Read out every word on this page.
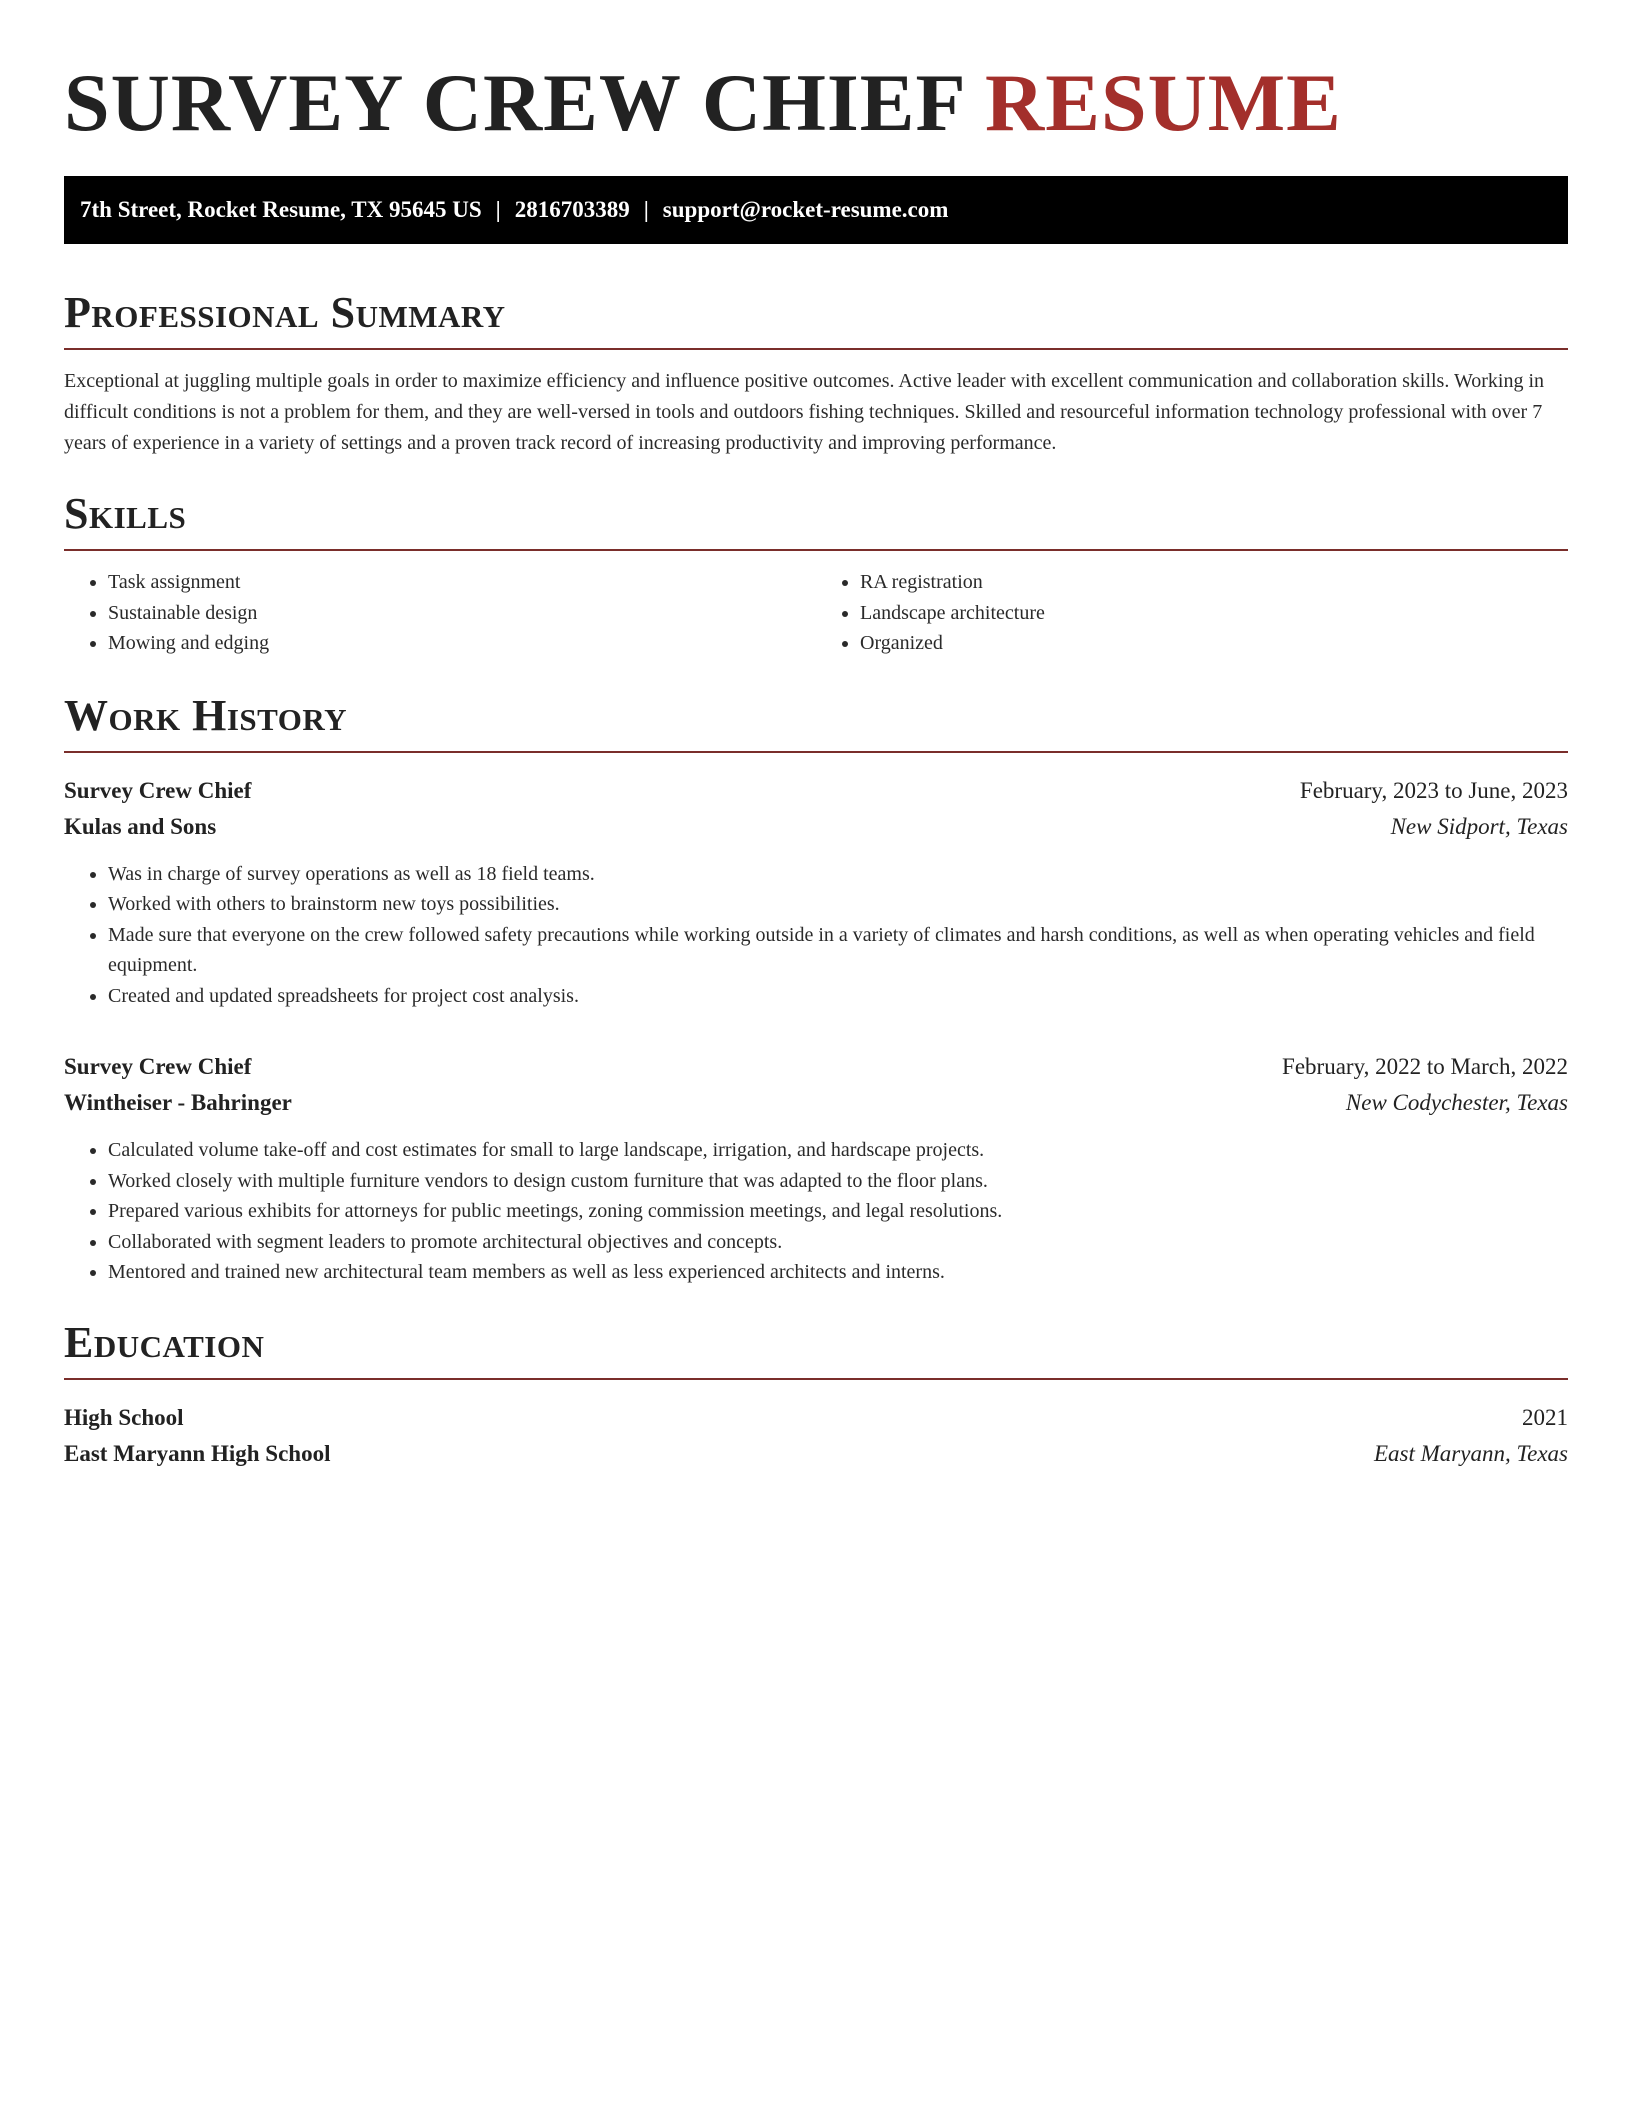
SURVEY CREW CHIEF RESUME
7th Street, Rocket Resume, TX 95645 US | 2816703389 | support@rocket-resume.com
Professional Summary

Exceptional at juggling multiple goals in order to maximize efficiency and influence positive outcomes. Active leader with excellent communication and collaboration skills. Working in difficult conditions is not a problem for them, and they are well-versed in tools and outdoors fishing techniques. Skilled and resourceful information technology professional with over 7 years of experience in a variety of settings and a proven track record of increasing productivity and improving performance.

Skills
• Task assignment
• Sustainable design
• Mowing and edging
• RA registration
• Landscape architecture
• Organized
Work History
Survey Crew Chief	February, 2023 to June, 2023
Kulas and Sons	New Sidport, Texas
• Was in charge of survey operations as well as 18 field teams.
• Worked with others to brainstorm new toys possibilities.
• Made sure that everyone on the crew followed safety precautions while working outside in a variety of climates and harsh conditions, as well as when operating vehicles and field equipment.
• Created and updated spreadsheets for project cost analysis.
Survey Crew Chief	February, 2022 to March, 2022
Wintheiser - Bahringer	New Codychester, Texas
• Calculated volume take-off and cost estimates for small to large landscape, irrigation, and hardscape projects.
• Worked closely with multiple furniture vendors to design custom furniture that was adapted to the floor plans.
• Prepared various exhibits for attorneys for public meetings, zoning commission meetings, and legal resolutions.
• Collaborated with segment leaders to promote architectural objectives and concepts.
• Mentored and trained new architectural team members as well as less experienced architects and interns.
Education
High School	2021
East Maryann High School	East Maryann, Texas
